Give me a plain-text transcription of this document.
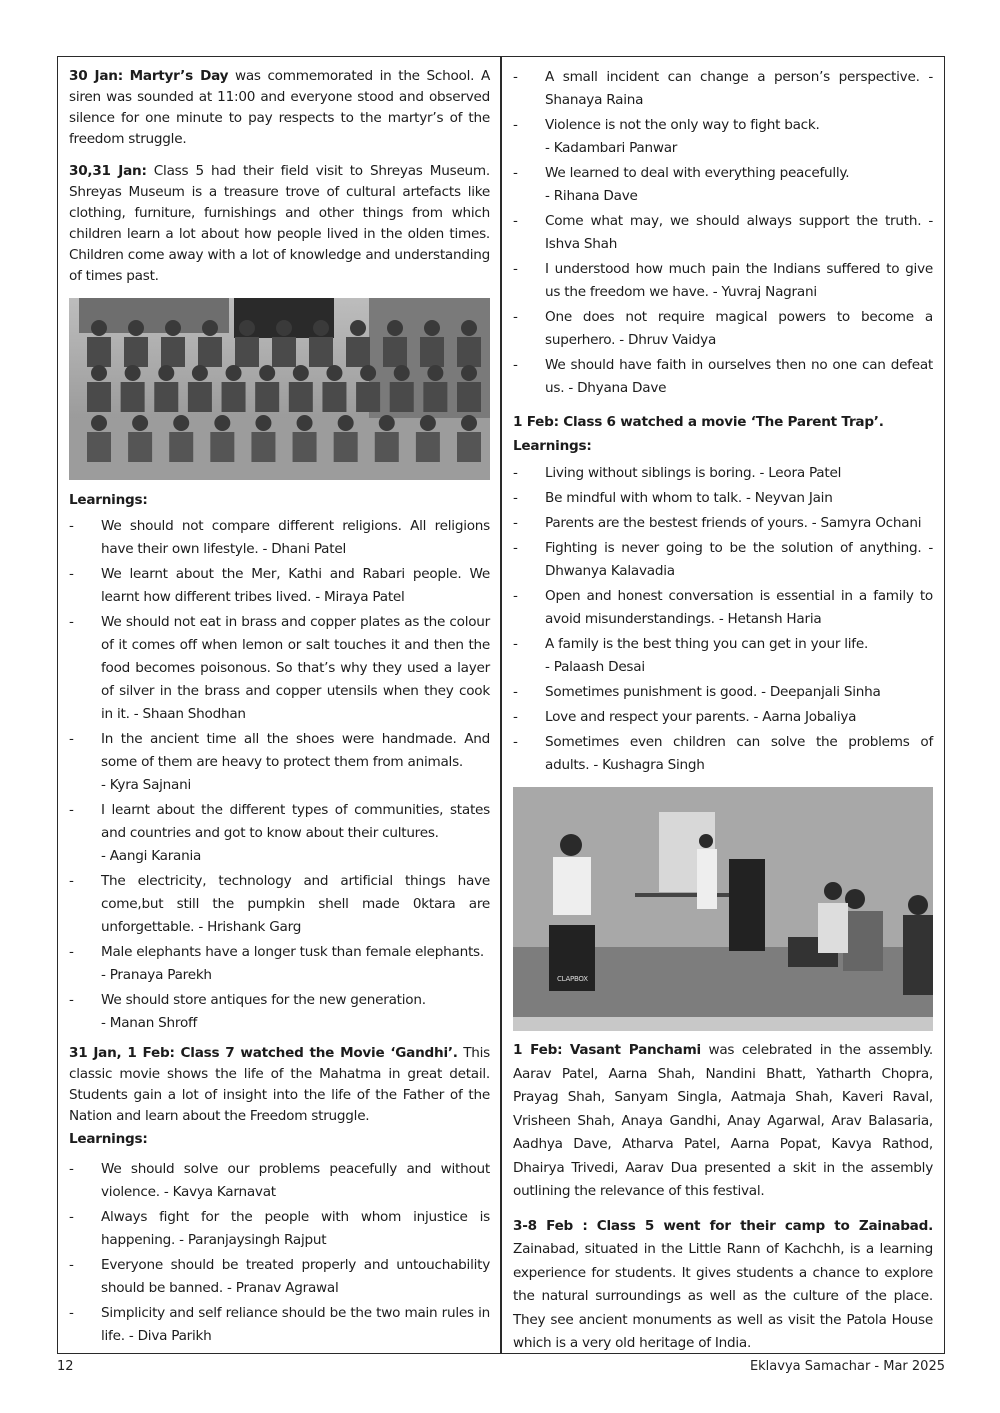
30 Jan: Martyr’s Day was commemorated in the School. A siren was sounded at 11:00 and everyone stood and observed silence for one minute to pay respects to the martyr’s of the freedom struggle.

30,31 Jan: Class 5 had their field visit to Shreyas Museum. Shreyas Museum is a treasure trove of cultural artefacts like clothing, furniture, furnishings and other things from which children learn a lot about how people lived in the olden times. Children come away with a lot of knowledge and understanding of times past.

Learnings:

- We should not compare different religions. All religions have their own lifestyle. - Dhani Patel
- We learnt about the Mer, Kathi and Rabari people. We learnt how different tribes lived. - Miraya Patel
- We should not eat in brass and copper plates as the colour of it comes off when lemon or salt touches it and then the food becomes poisonous. So that’s why they used a layer of silver in the brass and copper utensils when they cook in it. - Shaan Shodhan
- In the ancient time all the shoes were handmade. And some of them are heavy to protect them from animals.
- Kyra Sajnani
- I learnt about the different types of communities, states and countries and got to know about their cultures.
- Aangi Karania
- The electricity, technology and artificial things have come,but still the pumpkin shell made 0ktara are unforgettable. - Hrishank Garg
- Male elephants have a longer tusk than female elephants.
- Pranaya Parekh
- We should store antiques for the new generation.
- Manan Shroff

31 Jan, 1 Feb: Class 7 watched the Movie ‘Gandhi’. This classic movie shows the life of the Mahatma in great detail. Students gain a lot of insight into the life of the Father of the Nation and learn about the Freedom struggle.

Learnings:

- We should solve our problems peacefully and without violence. - Kavya Karnavat
- Always fight for the people with whom injustice is happening. - Paranjaysingh Rajput
- Everyone should be treated properly and untouchability should be banned. - Pranav Agrawal
- Simplicity and self reliance should be the two main rules in life. - Diva Parikh
- A small incident can change a person’s perspective. - Shanaya Raina
- Violence is not the only way to fight back.
- Kadambari Panwar
- We learned to deal with everything peacefully.
- Rihana Dave
- Come what may, we should always support the truth. - Ishva Shah
- I understood how much pain the Indians suffered to give us the freedom we have. - Yuvraj Nagrani
- One does not require magical powers to become a superhero. - Dhruv Vaidya
- We should have faith in ourselves then no one can defeat us. - Dhyana Dave

1 Feb: Class 6 watched a movie ‘The Parent Trap’.

Learnings:

- Living without siblings is boring. - Leora Patel
- Be mindful with whom to talk. - Neyvan Jain
- Parents are the bestest friends of yours. - Samyra Ochani
- Fighting is never going to be the solution of anything. - Dhwanya Kalavadia
- Open and honest conversation is essential in a family to avoid misunderstandings. - Hetansh Haria
- A family is the best thing you can get in your life.
- Palaash Desai
- Sometimes punishment is good. - Deepanjali Sinha
- Love and respect your parents. - Aarna Jobaliya
- Sometimes even children can solve the problems of adults. - Kushagra Singh
CLAPBOX

1 Feb: Vasant Panchami was celebrated in the assembly. Aarav Patel, Aarna Shah, Nandini Bhatt, Yatharth Chopra, Prayag Shah, Sanyam Singla, Aatmaja Shah, Kaveri Raval, Vrisheen Shah, Anaya Gandhi, Anay Agarwal, Arav Balasaria, Aadhya Dave, Atharva Patel, Aarna Popat, Kavya Rathod, Dhairya Trivedi, Aarav Dua presented a skit in the assembly outlining the relevance of this festival.

3-8 Feb : Class 5 went for their camp to Zainabad. Zainabad, situated in the Little Rann of Kachchh, is a learning experience for students. It gives students a chance to explore the natural surroundings as well as the culture of the place. They see ancient monuments as well as visit the Patola House which is a very old heritage of India.

12	Eklavya Samachar - Mar 2025
